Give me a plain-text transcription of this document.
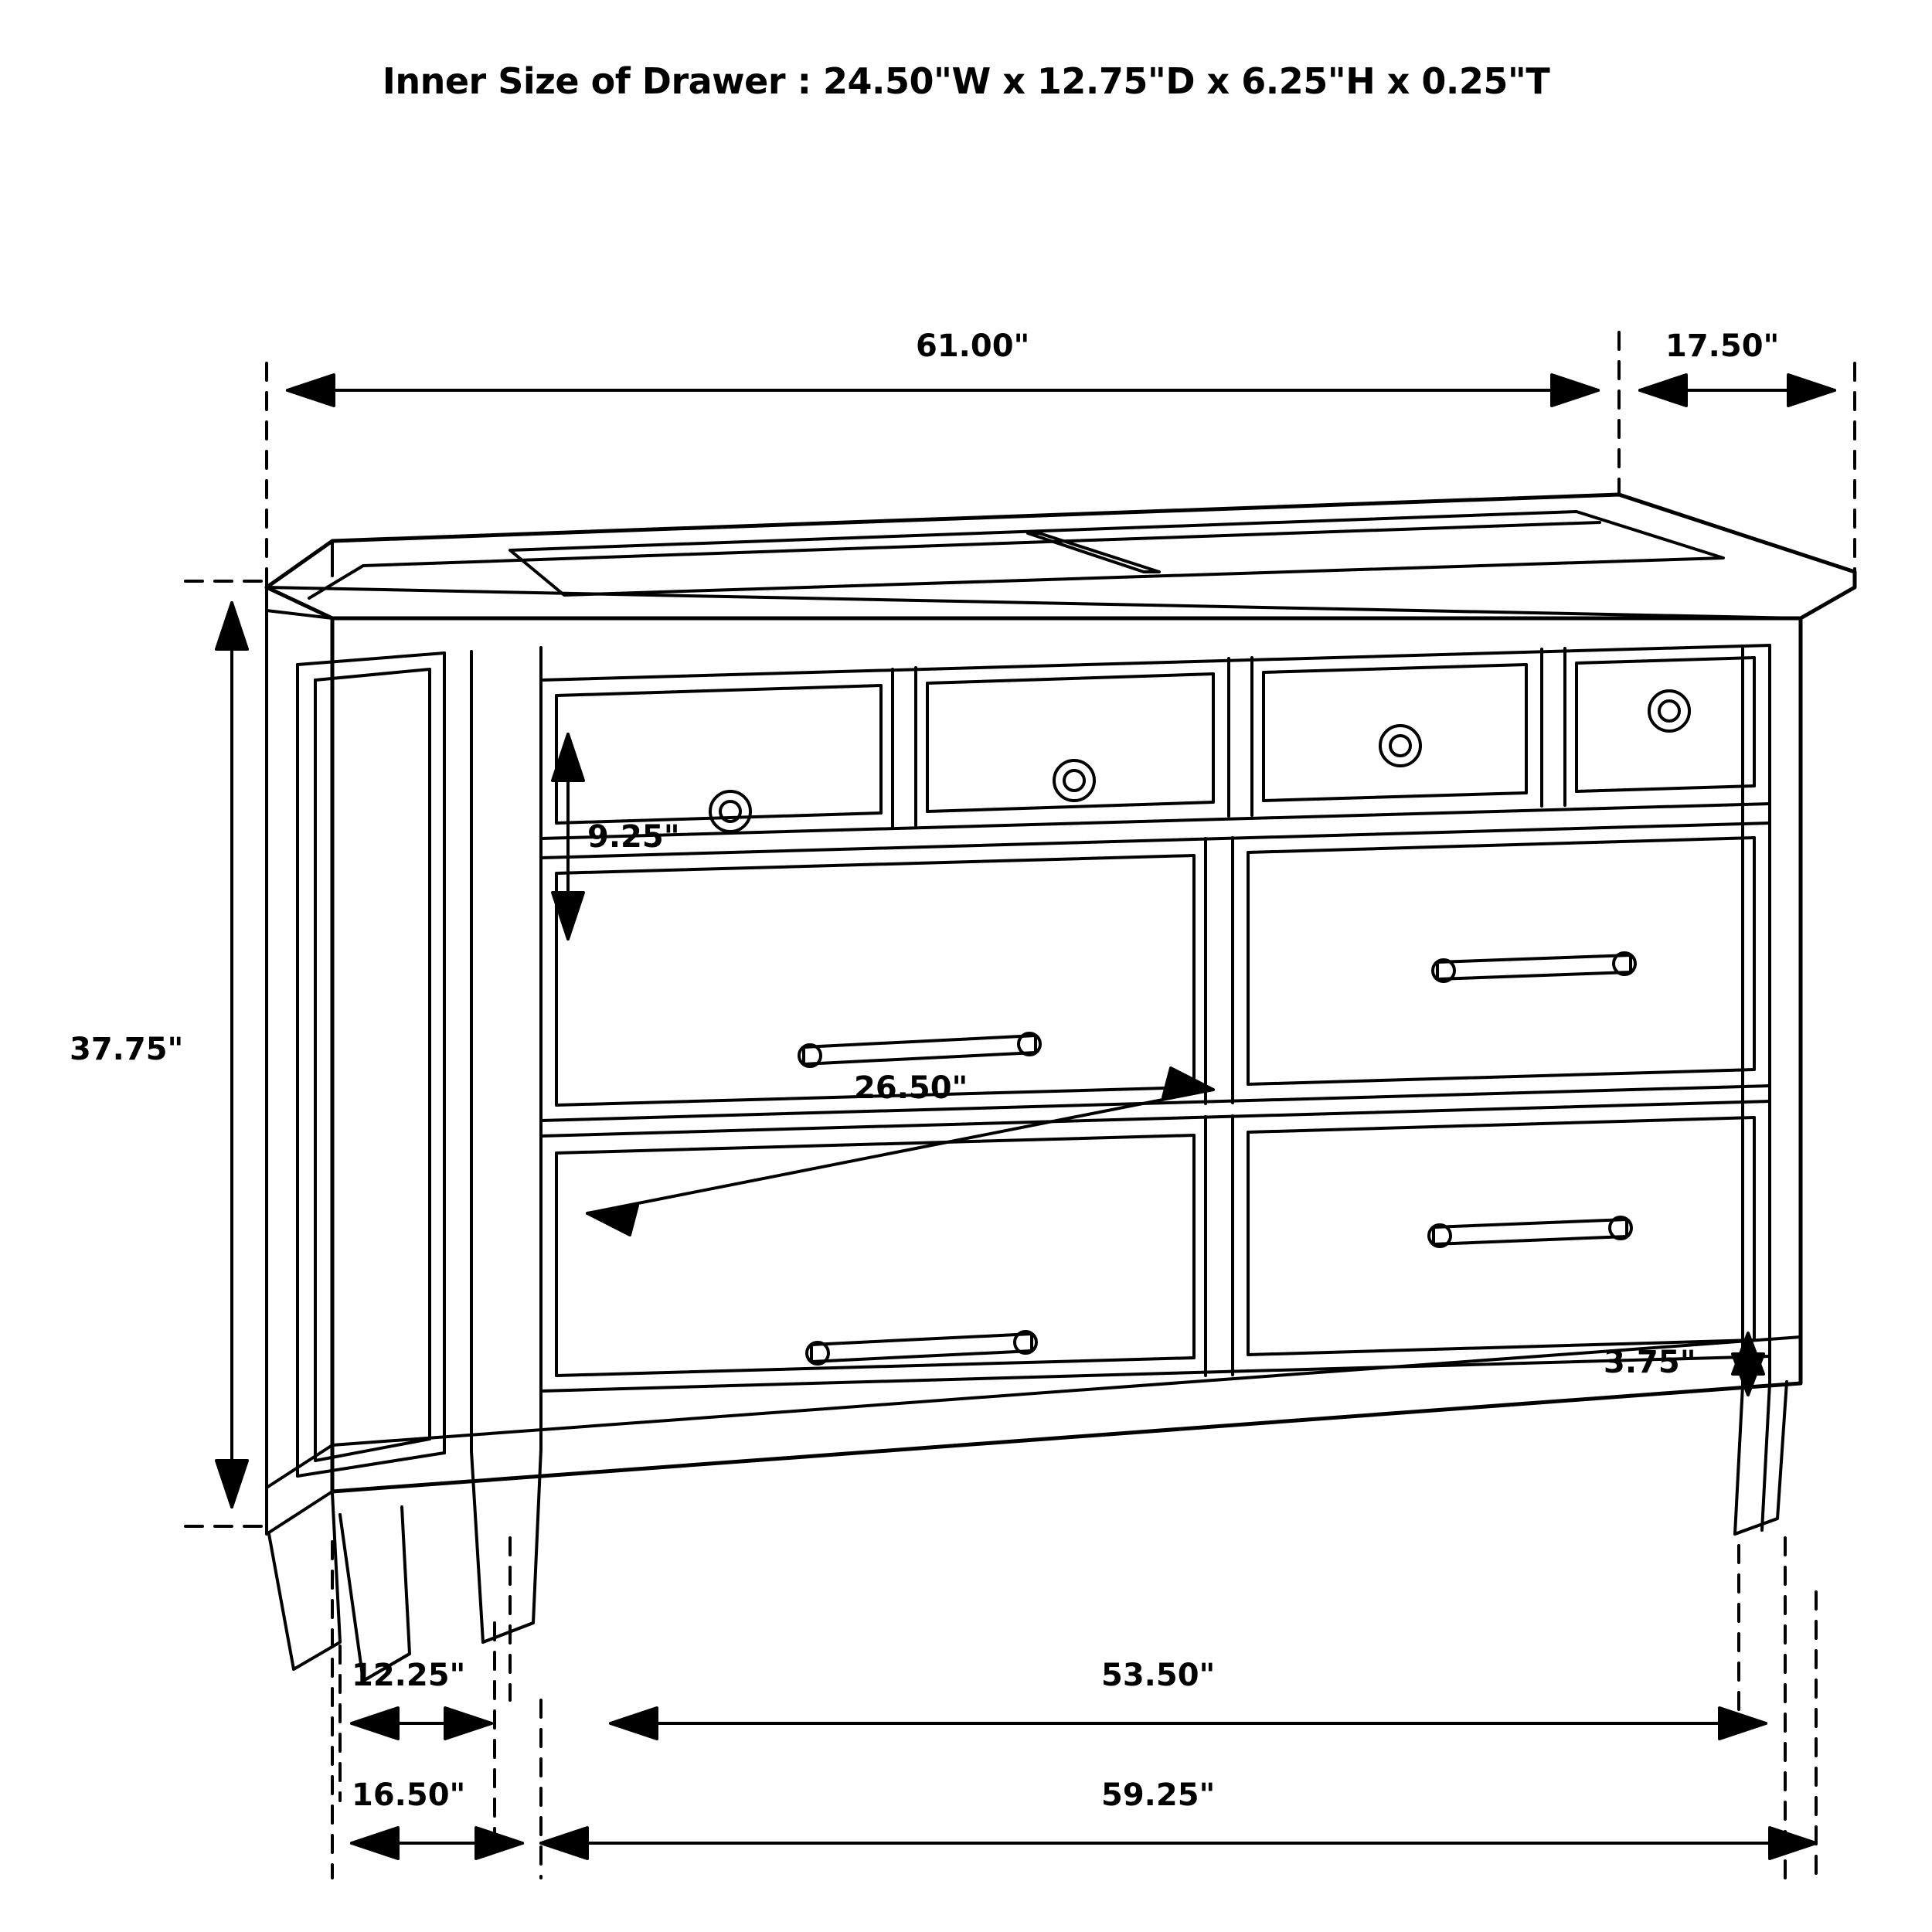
Inner Size of Drawer : 24.50"W x 12.75"D x 6.25"H x 0.25"T
61.00"	17.50"
37.75"
9.25"
26.50"
3.75"
12.25"
16.50"
53.50"
59.25"
